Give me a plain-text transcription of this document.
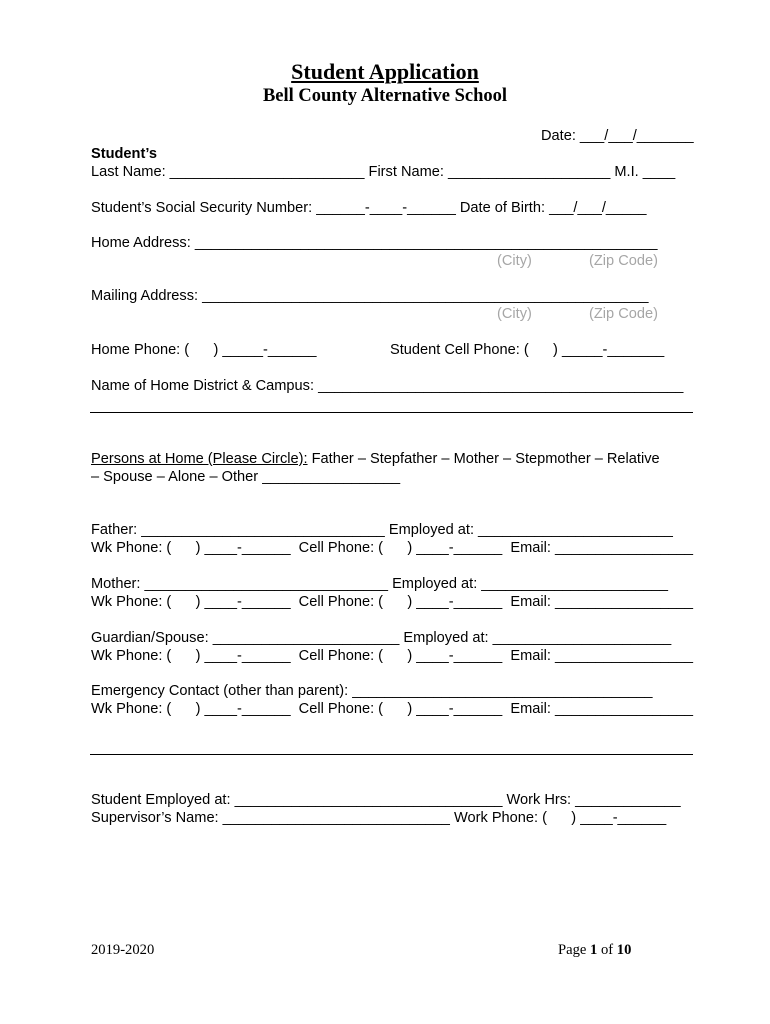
Student Application
Bell County Alternative School
Date: ___/___/_______
Student’s
Last Name: ________________________ First Name: ____________________ M.I. ____
Student’s Social Security Number: ______-____-______ Date of Birth: ___/___/_____
Home Address: _________________________________________________________
(City)	(Zip Code)
Mailing Address: _______________________________________________________
(City)	(Zip Code)
Home Phone: (      ) _____-______	Student Cell Phone: (      ) _____-_______
Name of Home District & Campus: _____________________________________________
Persons at Home (Please Circle): Father – Stepfather – Mother – Stepmother – Relative
– Spouse – Alone – Other _________________
Father: ______________________________ Employed at: ________________________
Wk Phone: (      ) ____-______  Cell Phone: (      ) ____-______  Email: _________________
Mother: ______________________________ Employed at: _______________________
Wk Phone: (      ) ____-______  Cell Phone: (      ) ____-______  Email: _________________
Guardian/Spouse: _______________________ Employed at: ______________________
Wk Phone: (      ) ____-______  Cell Phone: (      ) ____-______  Email: _________________
Emergency Contact (other than parent): _____________________________________
Wk Phone: (      ) ____-______  Cell Phone: (      ) ____-______  Email: _________________
Student Employed at: _________________________________ Work Hrs: _____________
Supervisor’s Name: ____________________________ Work Phone: (      ) ____-______
2019-2020	Page 1 of 10
